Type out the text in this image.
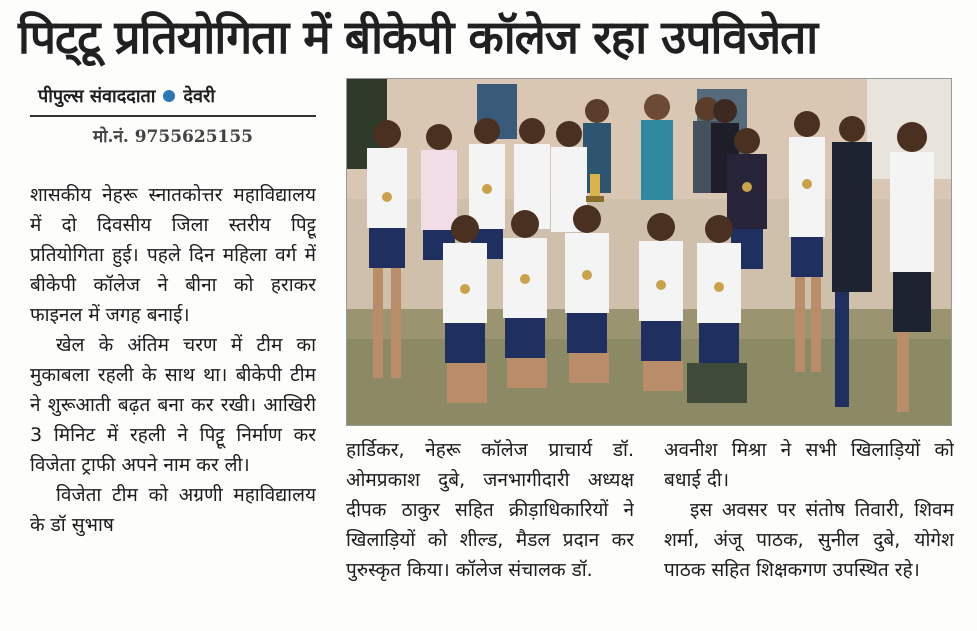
पिट्‌टू प्रतियोगिता में बीकेपी कॉलेज रहा उपविजेता
पीपुल्स संवाददाता देवरी
मो.नं. 9755625155

शासकीय नेहरू स्नातकोत्तर महाविद्यालय में दो दिवसीय जिला स्तरीय पिट्टू प्रतियोगिता हुई। पहले दिन महिला वर्ग में बीकेपी कॉलेज ने बीना को हराकर फाइनल में जगह बनाई।

खेल के अंतिम चरण में टीम का मुकाबला रहली के साथ था। बीकेपी टीम ने शुरूआती बढ़त बना कर रखी। आखिरी 3 मिनिट में रहली ने पिट्टू निर्माण कर विजेता ट्राफी अपने नाम कर ली।

विजेता टीम को अग्रणी महाविद्यालय के डॉ सुभाष

हार्डिकर, नेहरू कॉलेज प्राचार्य डॉ. ओमप्रकाश दुबे, जनभागीदारी अध्यक्ष दीपक ठाकुर सहित क्रीड़ाधिकारियों ने खिलाड़ियों को शील्ड, मैडल प्रदान कर पुरुस्कृत किया। कॉलेज संचालक डॉ.

अवनीश मिश्रा ने सभी खिलाड़ियों को बधाई दी।

इस अवसर पर संतोष तिवारी, शिवम शर्मा, अंजू पाठक, सुनील दुबे, योगेश पाठक सहित शिक्षकगण उपस्थित रहे।
